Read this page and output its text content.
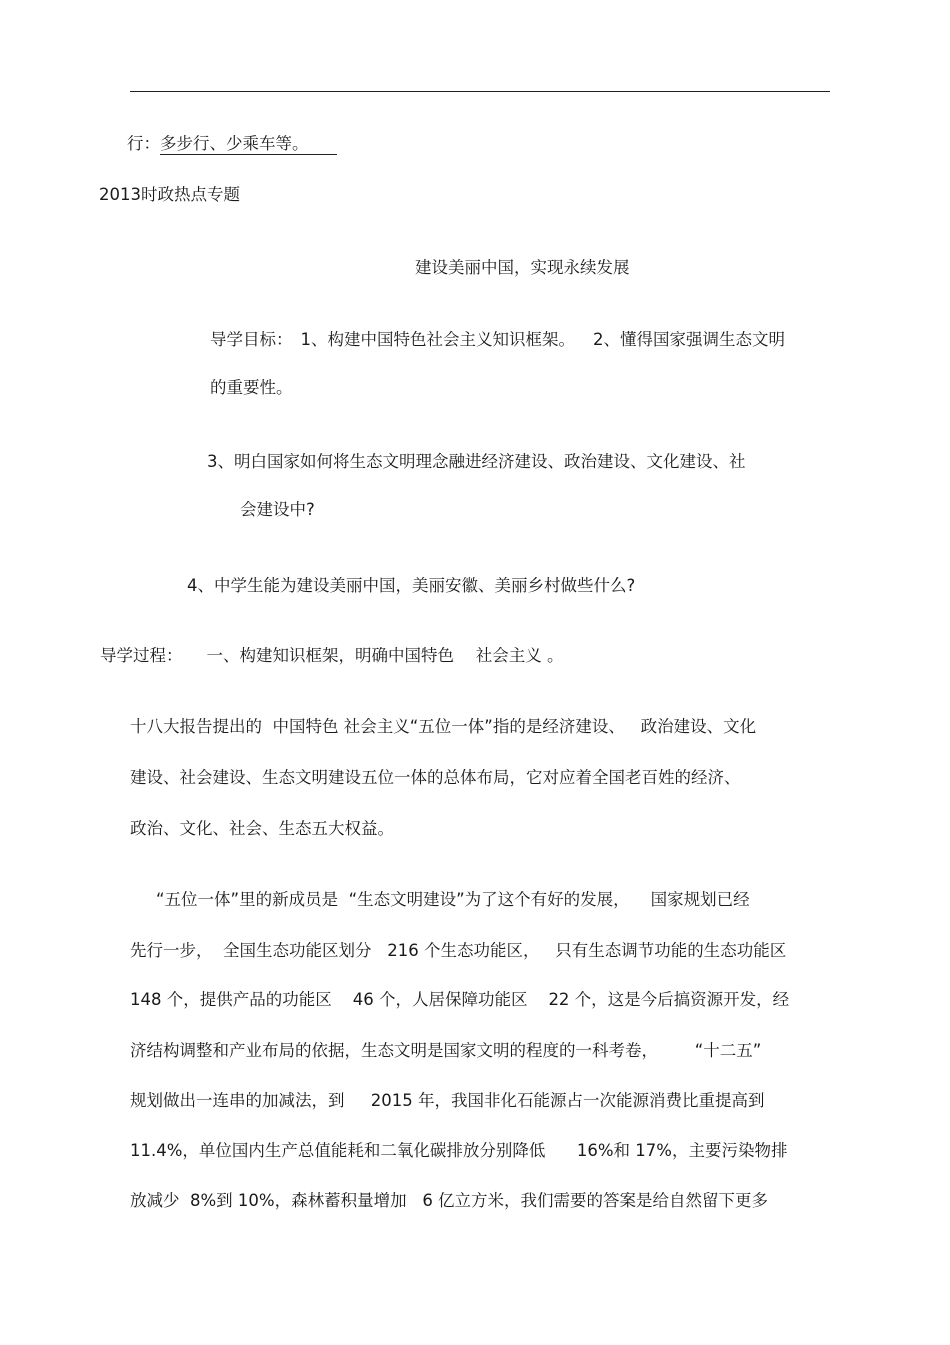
行：多步行、少乘车等。
2013时政热点专题
建设美丽中国，实现永续发展
导学目标： 1、构建中国特色社会主义知识框架。 2、懂得国家强调生态文明
的重要性。
3、明白国家如何将生态文明理念融进经济建设、政治建设、文化建设、社
会建设中?
4、中学生能为建设美丽中国，美丽安徽、美丽乡村做些什么?
导学过程： 一、构建知识框架，明确中国特色　 社会主义 。
十八大报告提出的  中国特色 社会主义“五位一体”指的是经济建设、   政治建设、文化
建设、社会建设、生态文明建设五位一体的总体布局，它对应着全国老百姓的经济、
政治、文化、社会、生态五大权益。
“五位一体”里的新成员是  “生态文明建设”为了这个有好的发展，    国家规划已经
先行一步，  全国生态功能区划分   216 个生态功能区，   只有生态调节功能的生态功能区
148 个，提供产品的功能区    46 个，人居保障功能区    22 个，这是今后搞资源开发，经
济结构调整和产业布局的依据，生态文明是国家文明的程度的一科考卷，       “十二五”
规划做出一连串的加减法，到     2015 年，我国非化石能源占一次能源消费比重提高到
11.4%，单位国内生产总值能耗和二氧化碳排放分别降低      16%和 17%，主要污染物排
放减少  8%到 10%，森林蓄积量增加   6 亿立方米，我们需要的答案是给自然留下更多
